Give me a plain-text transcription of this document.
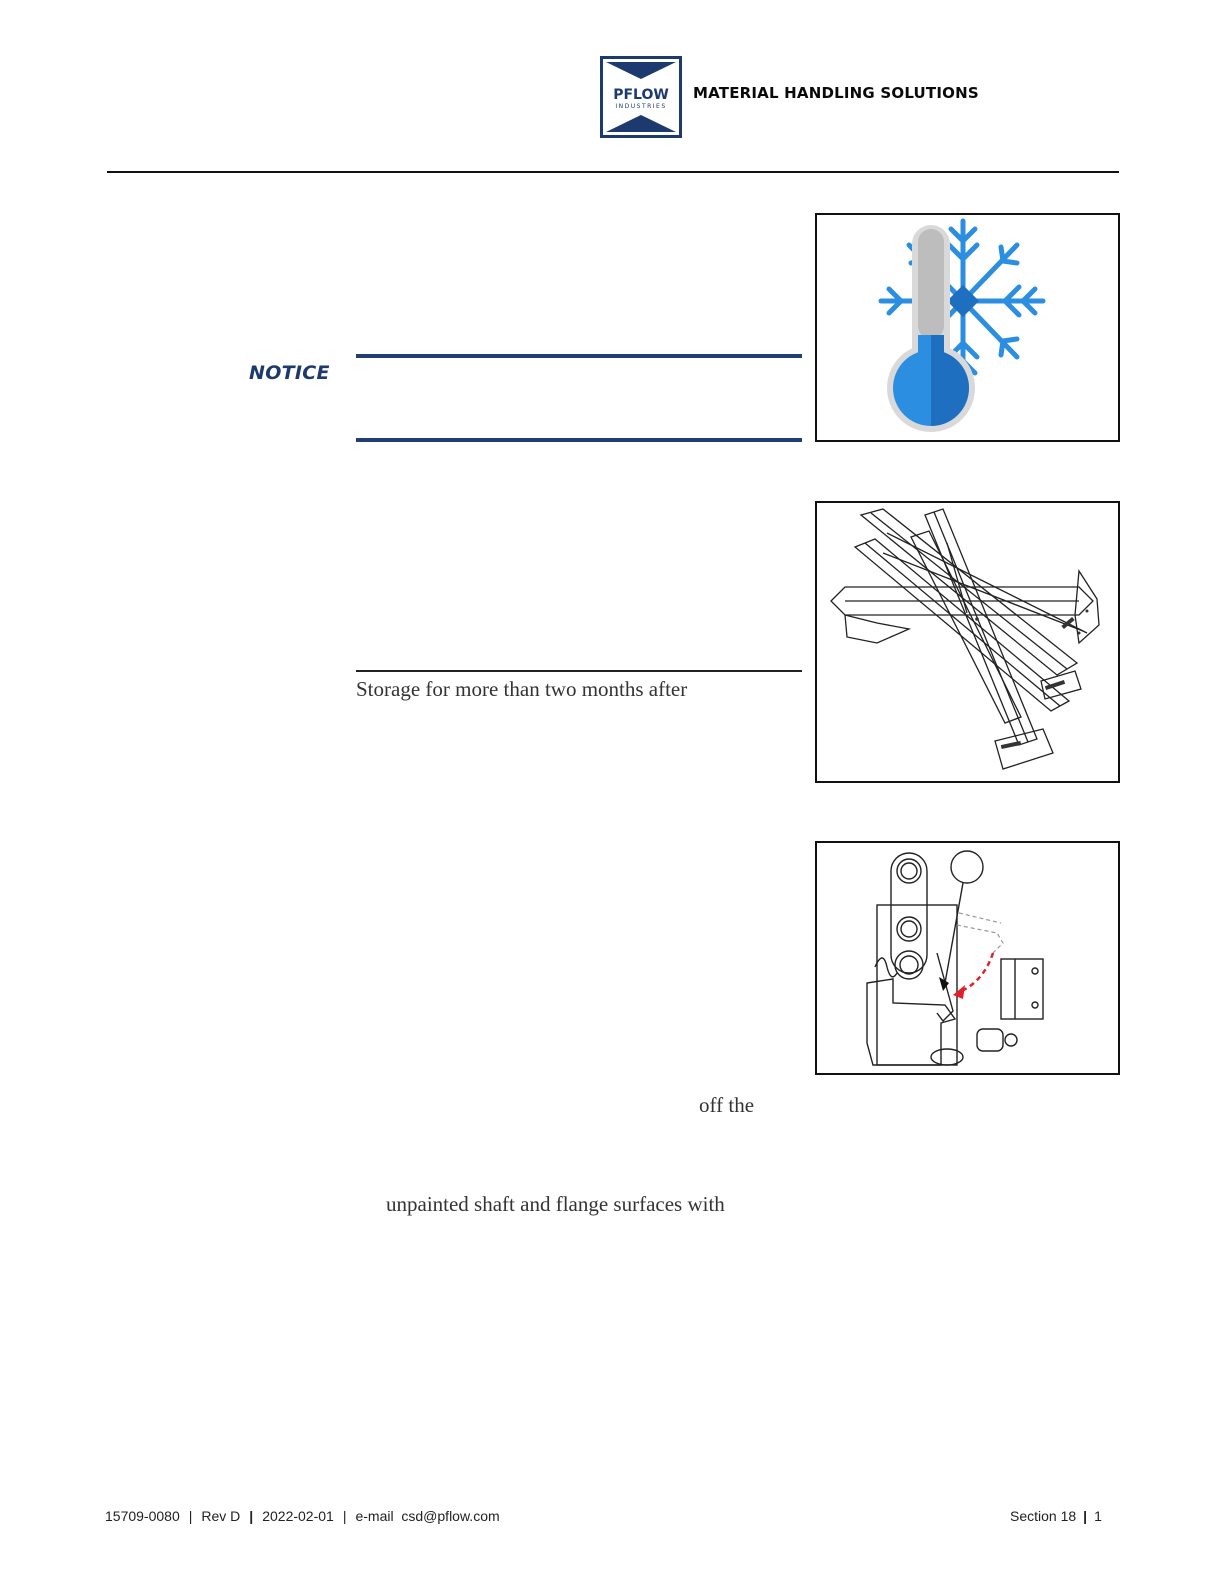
PFLOW
INDUSTRIES
MATERIAL HANDLING SOLUTIONS
NOTICE
Storage for more than two months after
off the
unpainted shaft and flange surfaces with
15709-0080 | Rev D | 2022-02-01 | e-mail csd@pflow.com	Section 18 | 1
